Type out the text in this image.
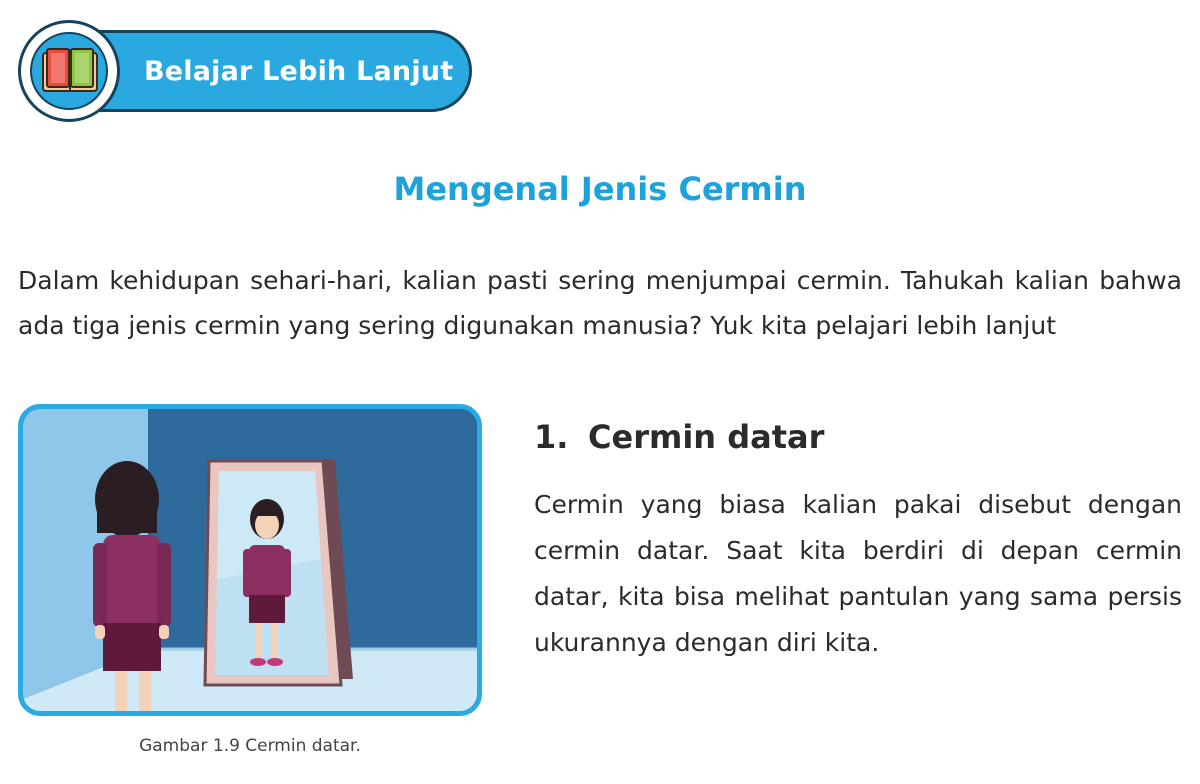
Belajar Lebih Lanjut
Mengenal Jenis Cermin
Dalam kehidupan sehari-hari, kalian pasti sering menjumpai cermin. Tahukah kalian bahwa ada tiga jenis cermin yang sering digunakan manusia? Yuk kita pelajari lebih lanjut
Gambar 1.9 Cermin datar.
1. Cermin datar
Cermin yang biasa kalian pakai disebut dengan cermin datar. Saat kita berdiri di depan cermin datar, kita bisa melihat pantulan yang sama persis ukurannya dengan diri kita.
